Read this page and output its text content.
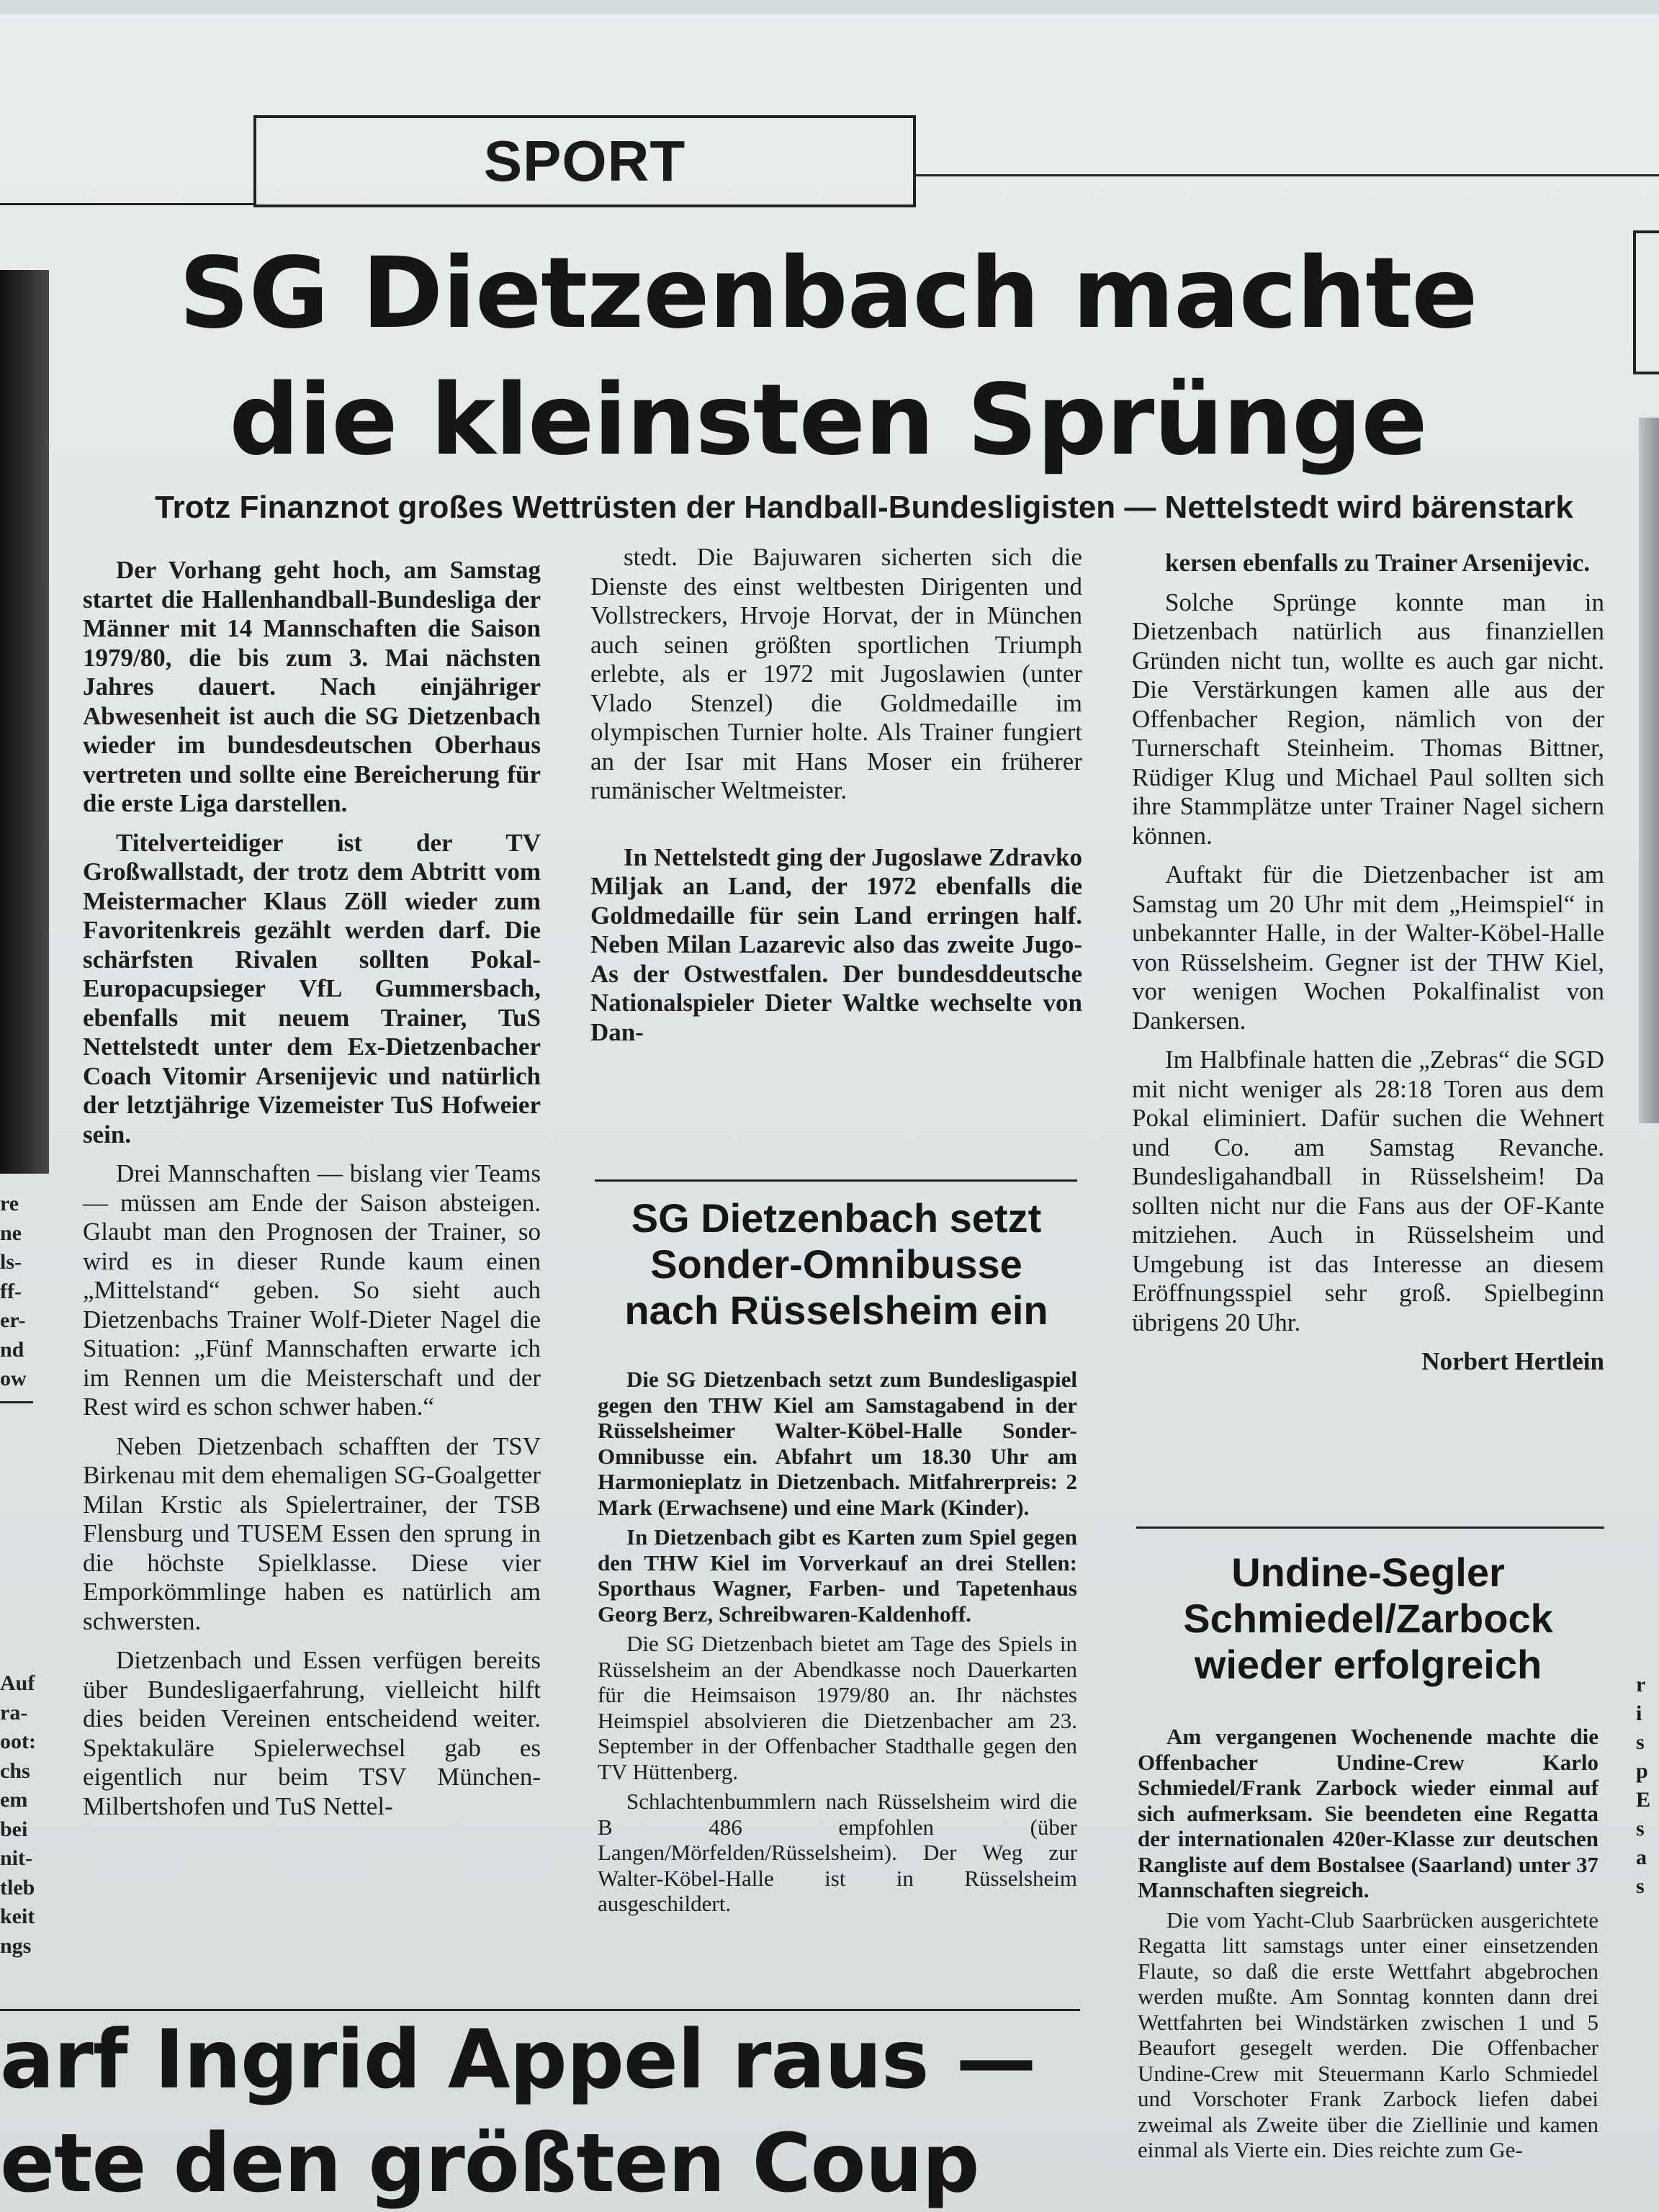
re
ne
ls-
ff-
er-
nd
ow
Auf
ra-
oot:
chs
em
bei
nit-
tleb
keit
ngs
r
i
s
p
E
s
a
s
SPORT
SG Dietzenbach machte
die kleinsten Sprünge
Trotz Finanznot großes Wettrüsten der Handball-Bundesligisten — Nettelstedt wird bärenstark

Der Vorhang geht hoch, am Samstag startet die Hallenhandball-Bundesliga der Männer mit 14 Mannschaften die Saison 1979/80, die bis zum 3. Mai nächsten Jahres dauert. Nach einjähriger Abwesenheit ist auch die SG Dietzenbach wieder im bundesdeutschen Oberhaus vertreten und sollte eine Bereicherung für die erste Liga darstellen.

Titelverteidiger ist der TV Großwallstadt, der trotz dem Abtritt vom Meistermacher Klaus Zöll wieder zum Favoritenkreis gezählt werden darf. Die schärfsten Rivalen sollten Pokal-Europacupsieger VfL Gummersbach, ebenfalls mit neuem Trainer, TuS Nettelstedt unter dem Ex-Dietzenbacher Coach Vitomir Arsenijevic und natürlich der letztjährige Vizemeister TuS Hofweier sein.

Drei Mannschaften — bislang vier Teams — müssen am Ende der Saison absteigen. Glaubt man den Prognosen der Trainer, so wird es in dieser Runde kaum einen „Mittelstand“ geben. So sieht auch Dietzenbachs Trainer Wolf-Dieter Nagel die Situation: „Fünf Mannschaften erwarte ich im Rennen um die Meisterschaft und der Rest wird es schon schwer haben.“

Neben Dietzenbach schafften der TSV Birkenau mit dem ehemaligen SG-Goalgetter Milan Krstic als Spielertrainer, der TSB Flensburg und TUSEM Essen den sprung in die höchste Spielklasse. Diese vier Emporkömmlinge haben es natürlich am schwersten.

Dietzenbach und Essen verfügen bereits über Bundesligaerfahrung, vielleicht hilft dies beiden Vereinen entscheidend weiter. Spektakuläre Spielerwechsel gab es eigentlich nur beim TSV München-Milbertshofen und TuS Nettel-

stedt. Die Bajuwaren sicherten sich die Dienste des einst weltbesten Dirigenten und Vollstreckers, Hrvoje Horvat, der in München auch seinen größten sportlichen Triumph erlebte, als er 1972 mit Jugoslawien (unter Vlado Stenzel) die Goldmedaille im olympischen Turnier holte. Als Trainer fungiert an der Isar mit Hans Moser ein früherer rumänischer Weltmeister.

In Nettelstedt ging der Jugoslawe Zdravko Miljak an Land, der 1972 ebenfalls die Goldmedaille für sein Land erringen half. Neben Milan Lazarevic also das zweite Jugo-As der Ostwestfalen. Der bundesddeutsche Nationalspieler Dieter Waltke wechselte von Dan-

SG Dietzenbach setzt
Sonder-Omnibusse
nach Rüsselsheim ein

Die SG Dietzenbach setzt zum Bundesligaspiel gegen den THW Kiel am Samstagabend in der Rüsselsheimer Walter-Köbel-Halle Sonder-Omnibusse ein. Abfahrt um 18.30 Uhr am Harmonieplatz in Dietzenbach. Mitfahrerpreis: 2 Mark (Erwachsene) und eine Mark (Kinder).

In Dietzenbach gibt es Karten zum Spiel gegen den THW Kiel im Vorverkauf an drei Stellen: Sporthaus Wagner, Farben- und Tapetenhaus Georg Berz, Schreibwaren-Kaldenhoff.

Die SG Dietzenbach bietet am Tage des Spiels in Rüsselsheim an der Abendkasse noch Dauerkarten für die Heimsaison 1979/80 an. Ihr nächstes Heimspiel absolvieren die Dietzenbacher am 23. September in der Offenbacher Stadthalle gegen den TV Hüttenberg.

Schlachtenbummlern nach Rüsselsheim wird die B 486 empfohlen (über Langen/Mörfelden/Rüsselsheim). Der Weg zur Walter-Köbel-Halle ist in Rüsselsheim ausgeschildert.

kersen ebenfalls zu Trainer Arsenijevic.

Solche Sprünge konnte man in Dietzenbach natürlich aus finanziellen Gründen nicht tun, wollte es auch gar nicht. Die Verstärkungen kamen alle aus der Offenbacher Region, nämlich von der Turnerschaft Steinheim. Thomas Bittner, Rüdiger Klug und Michael Paul sollten sich ihre Stammplätze unter Trainer Nagel sichern können.

Auftakt für die Dietzenbacher ist am Samstag um 20 Uhr mit dem „Heimspiel“ in unbekannter Halle, in der Walter-Köbel-Halle von Rüsselsheim. Gegner ist der THW Kiel, vor wenigen Wochen Pokalfinalist von Dankersen.

Im Halbfinale hatten die „Zebras“ die SGD mit nicht weniger als 28:18 Toren aus dem Pokal eliminiert. Dafür suchen die Wehnert und Co. am Samstag Revanche. Bundesligahandball in Rüsselsheim! Da sollten nicht nur die Fans aus der OF-Kante mitziehen. Auch in Rüsselsheim und Umgebung ist das Interesse an diesem Eröffnungsspiel sehr groß. Spielbeginn übrigens 20 Uhr.

Norbert Hertlein

Undine-Segler
Schmiedel/Zarbock
wieder erfolgreich

Am vergangenen Wochenende machte die Offenbacher Undine-Crew Karlo Schmiedel/Frank Zarbock wieder einmal auf sich aufmerksam. Sie beendeten eine Regatta der internationalen 420er-Klasse zur deutschen Rangliste auf dem Bostalsee (Saarland) unter 37 Mannschaften siegreich.

Die vom Yacht-Club Saarbrücken ausgerichtete Regatta litt samstags unter einer einsetzenden Flaute, so daß die erste Wettfahrt abgebrochen werden mußte. Am Sonntag konnten dann drei Wettfahrten bei Windstärken zwischen 1 und 5 Beaufort gesegelt werden. Die Offenbacher Undine-Crew mit Steuermann Karlo Schmiedel und Vorschoter Frank Zarbock liefen dabei zweimal als Zweite über die Ziellinie und kamen einmal als Vierte ein. Dies reichte zum Ge-

arf Ingrid Appel raus —
ete den größten Coup
